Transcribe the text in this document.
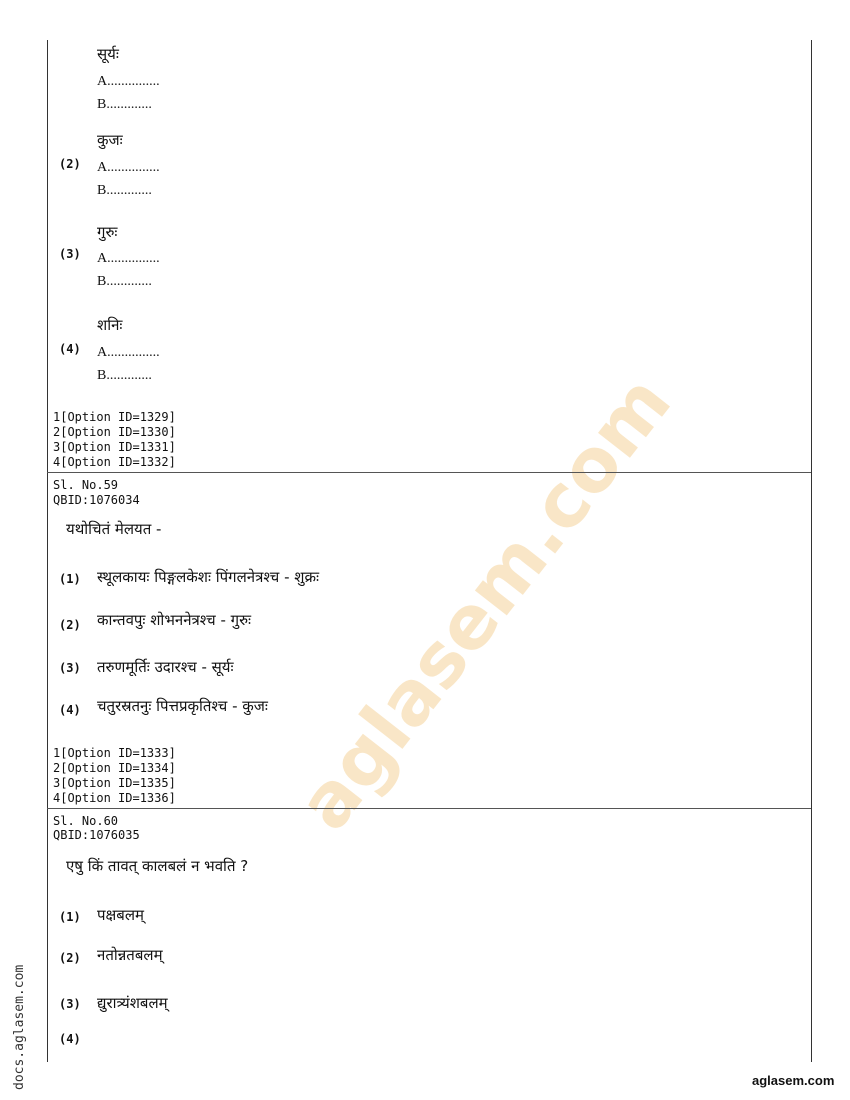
aglasem.com
सूर्यः
A...............
B.............
(2)
कुजः
A...............
B.............
(3)
गुरुः
A...............
B.............
(4)
शनिः
A...............
B.............
1[Option ID=1329]
2[Option ID=1330]
3[Option ID=1331]
4[Option ID=1332]
Sl. No.59
QBID:1076034
यथोचितं मेलयत -
(1) स्थूलकायः पिङ्गलकेशः पिंगलनेत्रश्च - शुक्रः
(2) कान्तवपुः शोभननेत्रश्च - गुरुः
(3) तरुणमूर्तिः उदारश्च - सूर्यः
(4) चतुरस्रतनुः पित्तप्रकृतिश्च - कुजः
1[Option ID=1333]
2[Option ID=1334]
3[Option ID=1335]
4[Option ID=1336]
Sl. No.60
QBID:1076035
एषु किं तावत् कालबलं न भवति ?
(1) पक्षबलम्
(2) नतोन्नतबलम्
(3) द्युरात्र्यंशबलम्
(4)
docs.aglasem.com	aglasem.com
